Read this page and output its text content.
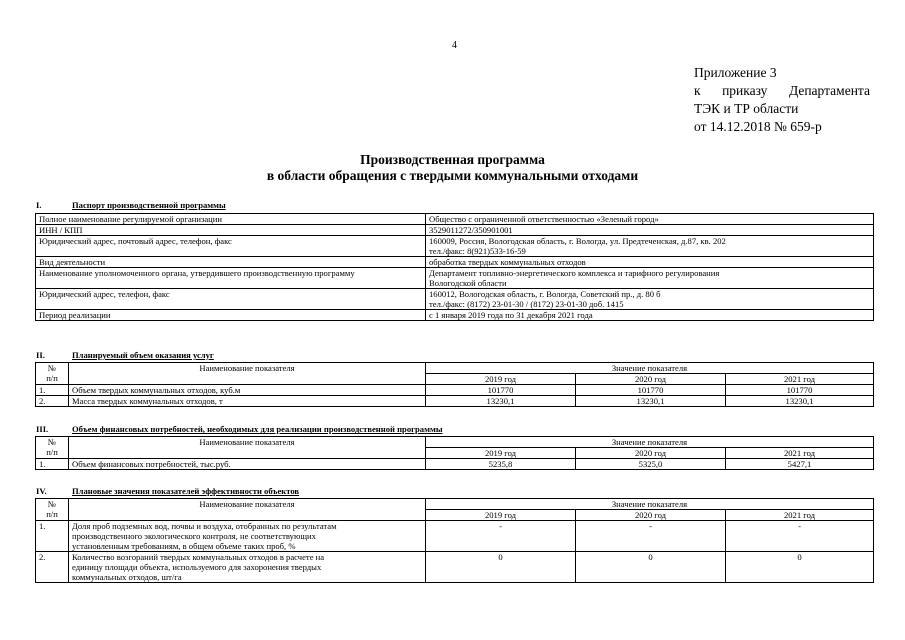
4
Приложение 3
к приказу Департамента
ТЭК и ТР области
от 14.12.2018 № 659-р
Производственная программа
в области обращения с твердыми коммунальными отходами
I.	Паспорт производственной программы
Полное наименование регулируемой организации	Общество с ограниченной ответственностью «Зеленый город»
ИНН / КПП	3529011272/350901001
Юридический адрес, почтовый адрес, телефон, факс	160009, Россия, Вологодская область, г. Вологда, ул. Предтеченская, д.87, кв. 202
тел./факс: 8(921)533-16-59

Вид деятельности	обработка твердых коммунальных отходов
Наименование уполномоченного органа, утвердившего производственную программу	Департамент топливно-энергетического комплекса и тарифного регулирования
Вологодской области

Юридический адрес, телефон, факс	160012, Вологодская область, г. Вологда, Советский пр., д. 80 б
тел./факс: (8172) 23-01-30 / (8172) 23-01-30 доб. 1415

Период реализации	с 1 января 2019 года по 31 декабря 2021 года
II.	Планируемый объем оказания услуг
№
п/п	Наименование показателя	Значение показателя		
		2019 год	2020 год	2021 год
1.	Объем твердых коммунальных отходов, куб.м	101770	101770	101770
2.	Масса твердых коммунальных отходов, т	13230,1	13230,1	13230,1
III.	Объем финансовых потребностей, необходимых для реализации производственной программы
№
п/п	Наименование показателя	Значение показателя		
		2019 год	2020 год	2021 год
1.	Объем финансовых потребностей, тыс.руб.	5235,8	5325,0	5427,1
IV.	Плановые значения показателей эффективности объектов
№
п/п	Наименование показателя	Значение показателя		
		2019 год	2020 год	2021 год
1.	Доля проб подземных вод, почвы и воздуха, отобранных по результатам
производственного экологического контроля, не соответствующих
установленным требованиям, в общем объеме таких проб, %	-	-	-
2.	Количество возгораний твердых коммунальных отходов в расчете на
единицу площади объекта, используемого для захоронения твердых
коммунальных отходов, шт/га	0	0	0
